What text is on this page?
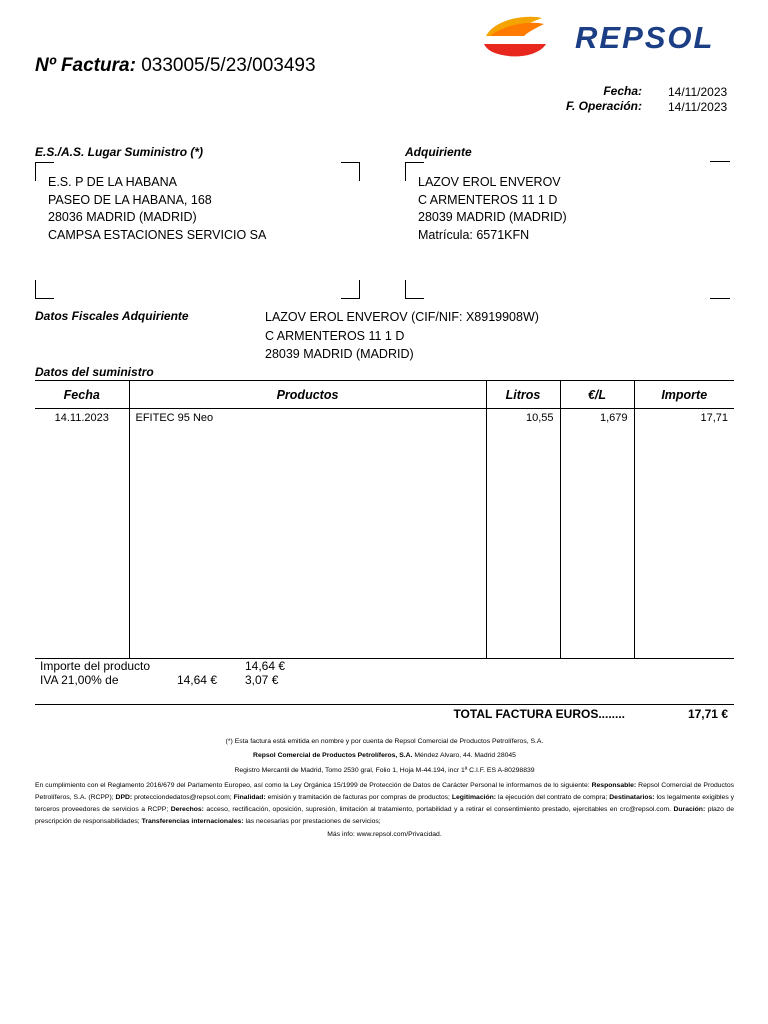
Nº Factura: 033005/5/23/003493
REPSOL
Fecha: 14/11/2023
F. Operación: 14/11/2023
E.S./A.S. Lugar Suministro (*)
E.S. P DE LA HABANA
PASEO DE LA HABANA, 168
28036 MADRID (MADRID)
CAMPSA ESTACIONES SERVICIO SA
Adquiriente
LAZOV EROL ENVEROV
C ARMENTEROS 11 1 D
28039 MADRID (MADRID)
Matrícula: 6571KFN
Datos Fiscales Adquiriente	LAZOV EROL ENVEROV (CIF/NIF: X8919908W)
C ARMENTEROS 11 1 D
28039 MADRID (MADRID)
Datos del suministro
Fecha	Productos	Litros	€/L	Importe
14.11.2023	EFITEC 95 Neo	10,55	1,679	17,71
Importe del producto	14,64 €
IVA 21,00% de	14,64 € 3,07 €
TOTAL FACTURA EUROS........	17,71 €
(*) Esta factura está emitida en nombre y por cuenta de Repsol Comercial de Productos Petrolíferos, S.A.
Repsol Comercial de Productos Petrolíferos, S.A. Méndez Alvaro, 44. Madrid 28045
Registro Mercantil de Madrid, Tomo 2530 gral, Folio 1, Hoja M-44.194, incr 1ª C.I.F. ES A-80298839
En cumplimiento con el Reglamento 2016/679 del Parlamento Europeo, así como la Ley Orgánica 15/1999 de Protección de Datos de Carácter Personal le informamos de lo siguiente: Responsable: Repsol Comercial de Productos Petrolíferos, S.A. (RCPP); DPD: protecciondedatos@repsol.com; Finalidad: emisión y tramitación de facturas por compras de productos; Legitimación: la ejecución del contrato de compra; Destinatarios: los legalmente exigibles y terceros proveedores de servicios a RCPP; Derechos: acceso, rectificación, oposición, supresión, limitación al tratamiento, portabilidad y a retirar el consentimiento prestado, ejercitables en crc@repsol.com. Duración: plazo de prescripción de responsabilidades; Transferencias internacionales: las necesarias por prestaciones de servicios;
Más info: www.repsol.com/Privacidad.
